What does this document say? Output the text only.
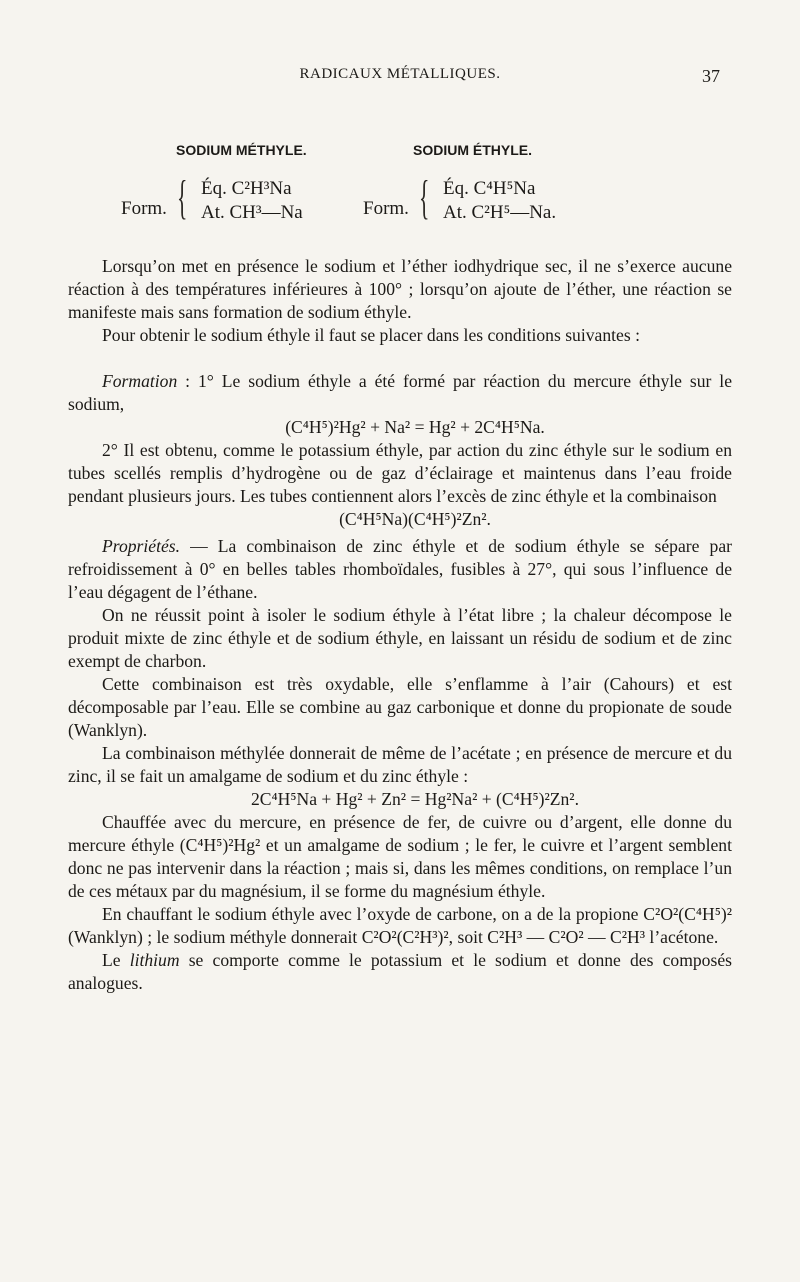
RADICAUX MÉTALLIQUES.	37
SODIUM MÉTHYLE.	SODIUM ÉTHYLE.
Form. { Éq. C²H³Na
At. CH³—Na	Form. { Éq. C⁴H⁵Na
At. C²H⁵—Na.

Lorsqu’on met en présence le sodium et l’éther iodhydrique sec, il ne s’exerce aucune réaction à des températures inférieures à 100° ; lorsqu’on ajoute de l’éther, une réaction se manifeste mais sans formation de sodium éthyle.

Pour obtenir le sodium éthyle il faut se placer dans les conditions suivantes :

Formation : 1° Le sodium éthyle a été formé par réaction du mercure éthyle sur le sodium,

(C⁴H⁵)²Hg² + Na² = Hg² + 2C⁴H⁵Na.

2° Il est obtenu, comme le potassium éthyle, par action du zinc éthyle sur le sodium en tubes scellés remplis d’hydrogène ou de gaz d’éclairage et maintenus dans l’eau froide pendant plusieurs jours. Les tubes contiennent alors l’excès de zinc éthyle et la combinaison

(C⁴H⁵Na)(C⁴H⁵)²Zn².

Propriétés. — La combinaison de zinc éthyle et de sodium éthyle se sépare par refroidissement à 0° en belles tables rhomboïdales, fusibles à 27°, qui sous l’influence de l’eau dégagent de l’éthane.

On ne réussit point à isoler le sodium éthyle à l’état libre ; la chaleur décompose le produit mixte de zinc éthyle et de sodium éthyle, en laissant un résidu de sodium et de zinc exempt de charbon.

Cette combinaison est très oxydable, elle s’enflamme à l’air (Cahours) et est décomposable par l’eau. Elle se combine au gaz carbonique et donne du propionate de soude (Wanklyn).

La combinaison méthylée donnerait de même de l’acétate ; en présence de mercure et du zinc, il se fait un amalgame de sodium et du zinc éthyle :

2C⁴H⁵Na + Hg² + Zn² = Hg²Na² + (C⁴H⁵)²Zn².

Chauffée avec du mercure, en présence de fer, de cuivre ou d’argent, elle donne du mercure éthyle (C⁴H⁵)²Hg² et un amalgame de sodium ; le fer, le cuivre et l’argent semblent donc ne pas intervenir dans la réaction ; mais si, dans les mêmes conditions, on remplace l’un de ces métaux par du magnésium, il se forme du magnésium éthyle.

En chauffant le sodium éthyle avec l’oxyde de carbone, on a de la propione C²O²(C⁴H⁵)² (Wanklyn) ; le sodium méthyle donnerait C²O²(C²H³)², soit C²H³ — C²O² — C²H³ l’acétone.

Le lithium se comporte comme le potassium et le sodium et donne des composés analogues.
